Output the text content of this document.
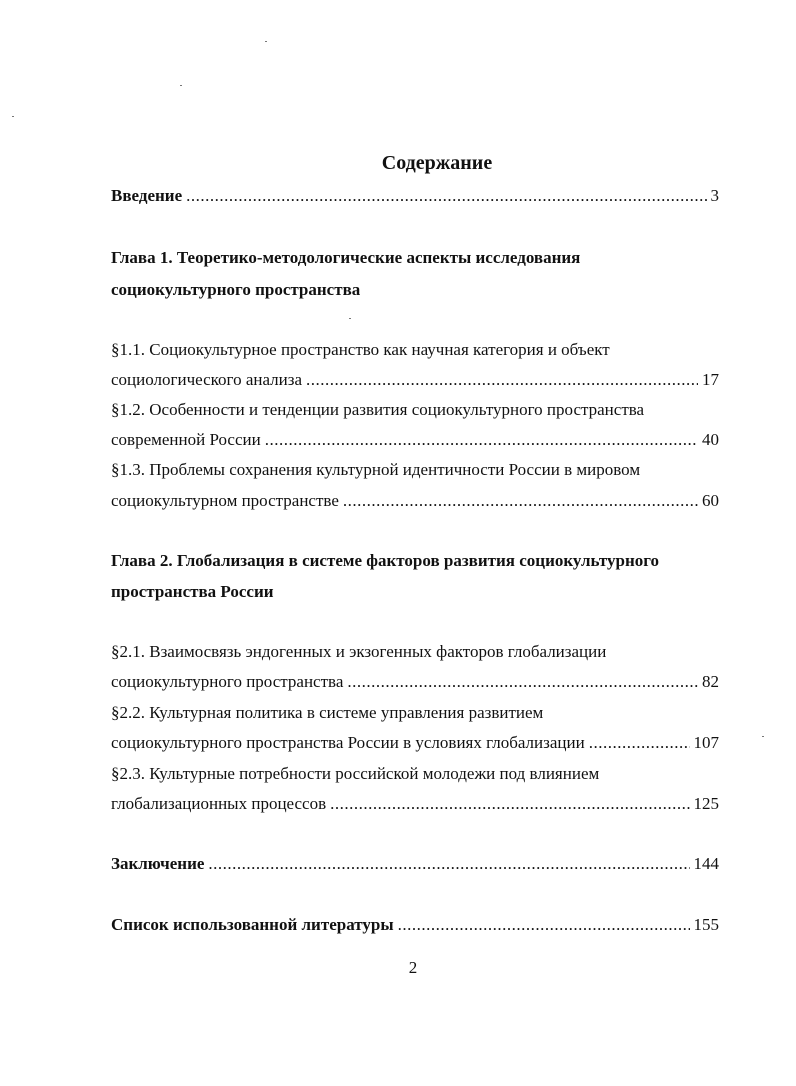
Содержание
Введение .....	3
Глава 1. Теоретико-методологические аспекты исследования
социокультурного пространства
§1.1. Социокультурное пространство как научная категория и объект
социологического анализа .....	17
§1.2. Особенности и тенденции развития социокультурного пространства
современной России .....	40
§1.3. Проблемы сохранения культурной идентичности России в мировом
социокультурном пространстве .....	60
Глава 2. Глобализация в системе факторов развития социокультурного
пространства России
§2.1. Взаимосвязь эндогенных и экзогенных факторов глобализации
социокультурного пространства .....	82
§2.2. Культурная политика в системе управления развитием
социокультурного пространства России в условиях глобализации .....	107
§2.3. Культурные потребности российской молодежи под влиянием
глобализационных процессов .....	125
Заключение .....	144
Список использованной литературы .....	155
2
